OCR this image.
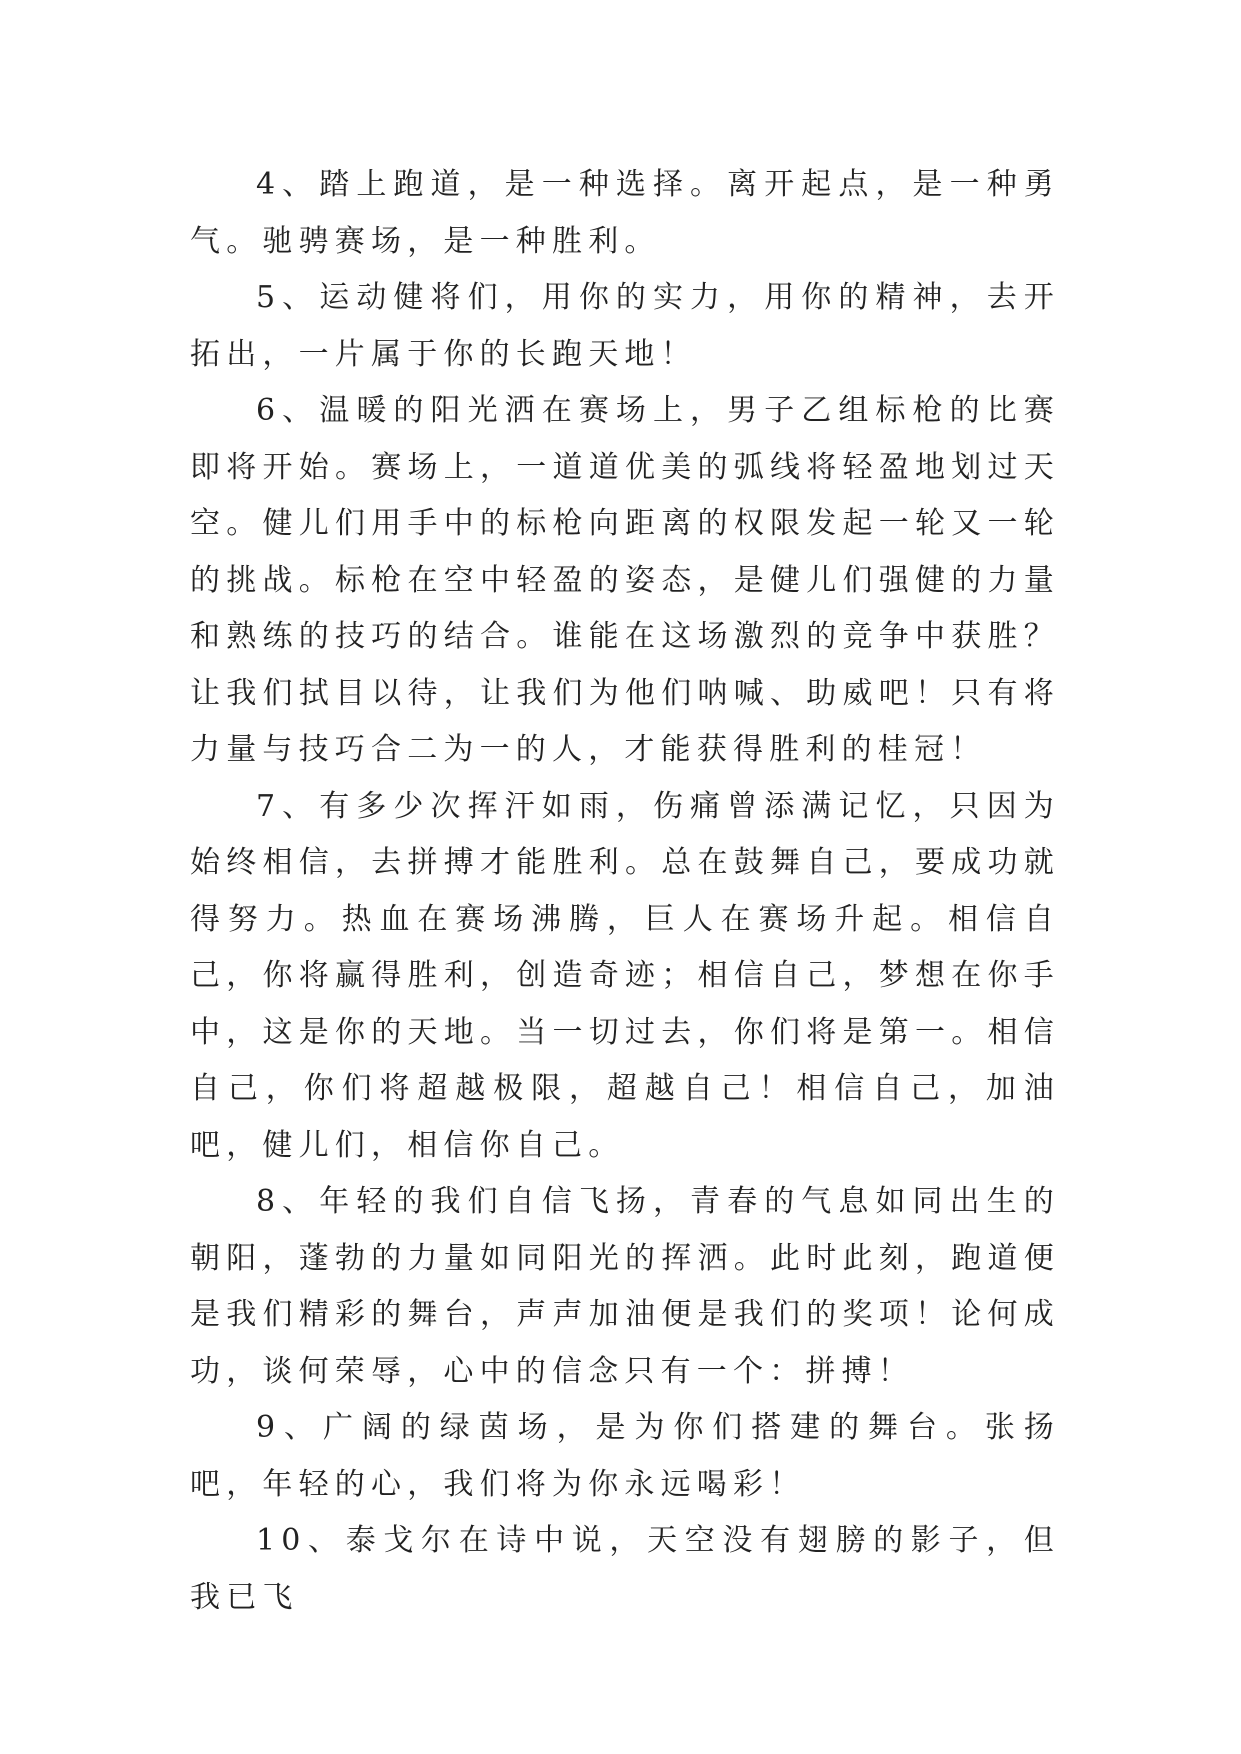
4、踏上跑道，是一种选择。离开起点，是一种勇气。驰骋赛场，是一种胜利。

5、运动健将们，用你的实力，用你的精神，去开拓出，一片属于你的长跑天地！

6、温暖的阳光洒在赛场上，男子乙组标枪的比赛即将开始。赛场上，一道道优美的弧线将轻盈地划过天空。健儿们用手中的标枪向距离的权限发起一轮又一轮的挑战。标枪在空中轻盈的姿态，是健儿们强健的力量和熟练的技巧的结合。谁能在这场激烈的竞争中获胜？让我们拭目以待，让我们为他们呐喊、助威吧！只有将力量与技巧合二为一的人，才能获得胜利的桂冠！

7、有多少次挥汗如雨，伤痛曾添满记忆，只因为始终相信，去拼搏才能胜利。总在鼓舞自己，要成功就得努力。热血在赛场沸腾，巨人在赛场升起。相信自己，你将赢得胜利，创造奇迹；相信自己，梦想在你手中，这是你的天地。当一切过去，你们将是第一。相信自己，你们将超越极限，超越自己！相信自己，加油吧，健儿们，相信你自己。

8、年轻的我们自信飞扬，青春的气息如同出生的朝阳，蓬勃的力量如同阳光的挥洒。此时此刻，跑道便是我们精彩的舞台，声声加油便是我们的奖项！论何成功，谈何荣辱，心中的信念只有一个：拼搏！

9、广阔的绿茵场，是为你们搭建的舞台。张扬吧，年轻的心，我们将为你永远喝彩！

10、泰戈尔在诗中说，天空没有翅膀的影子，但我已飞
